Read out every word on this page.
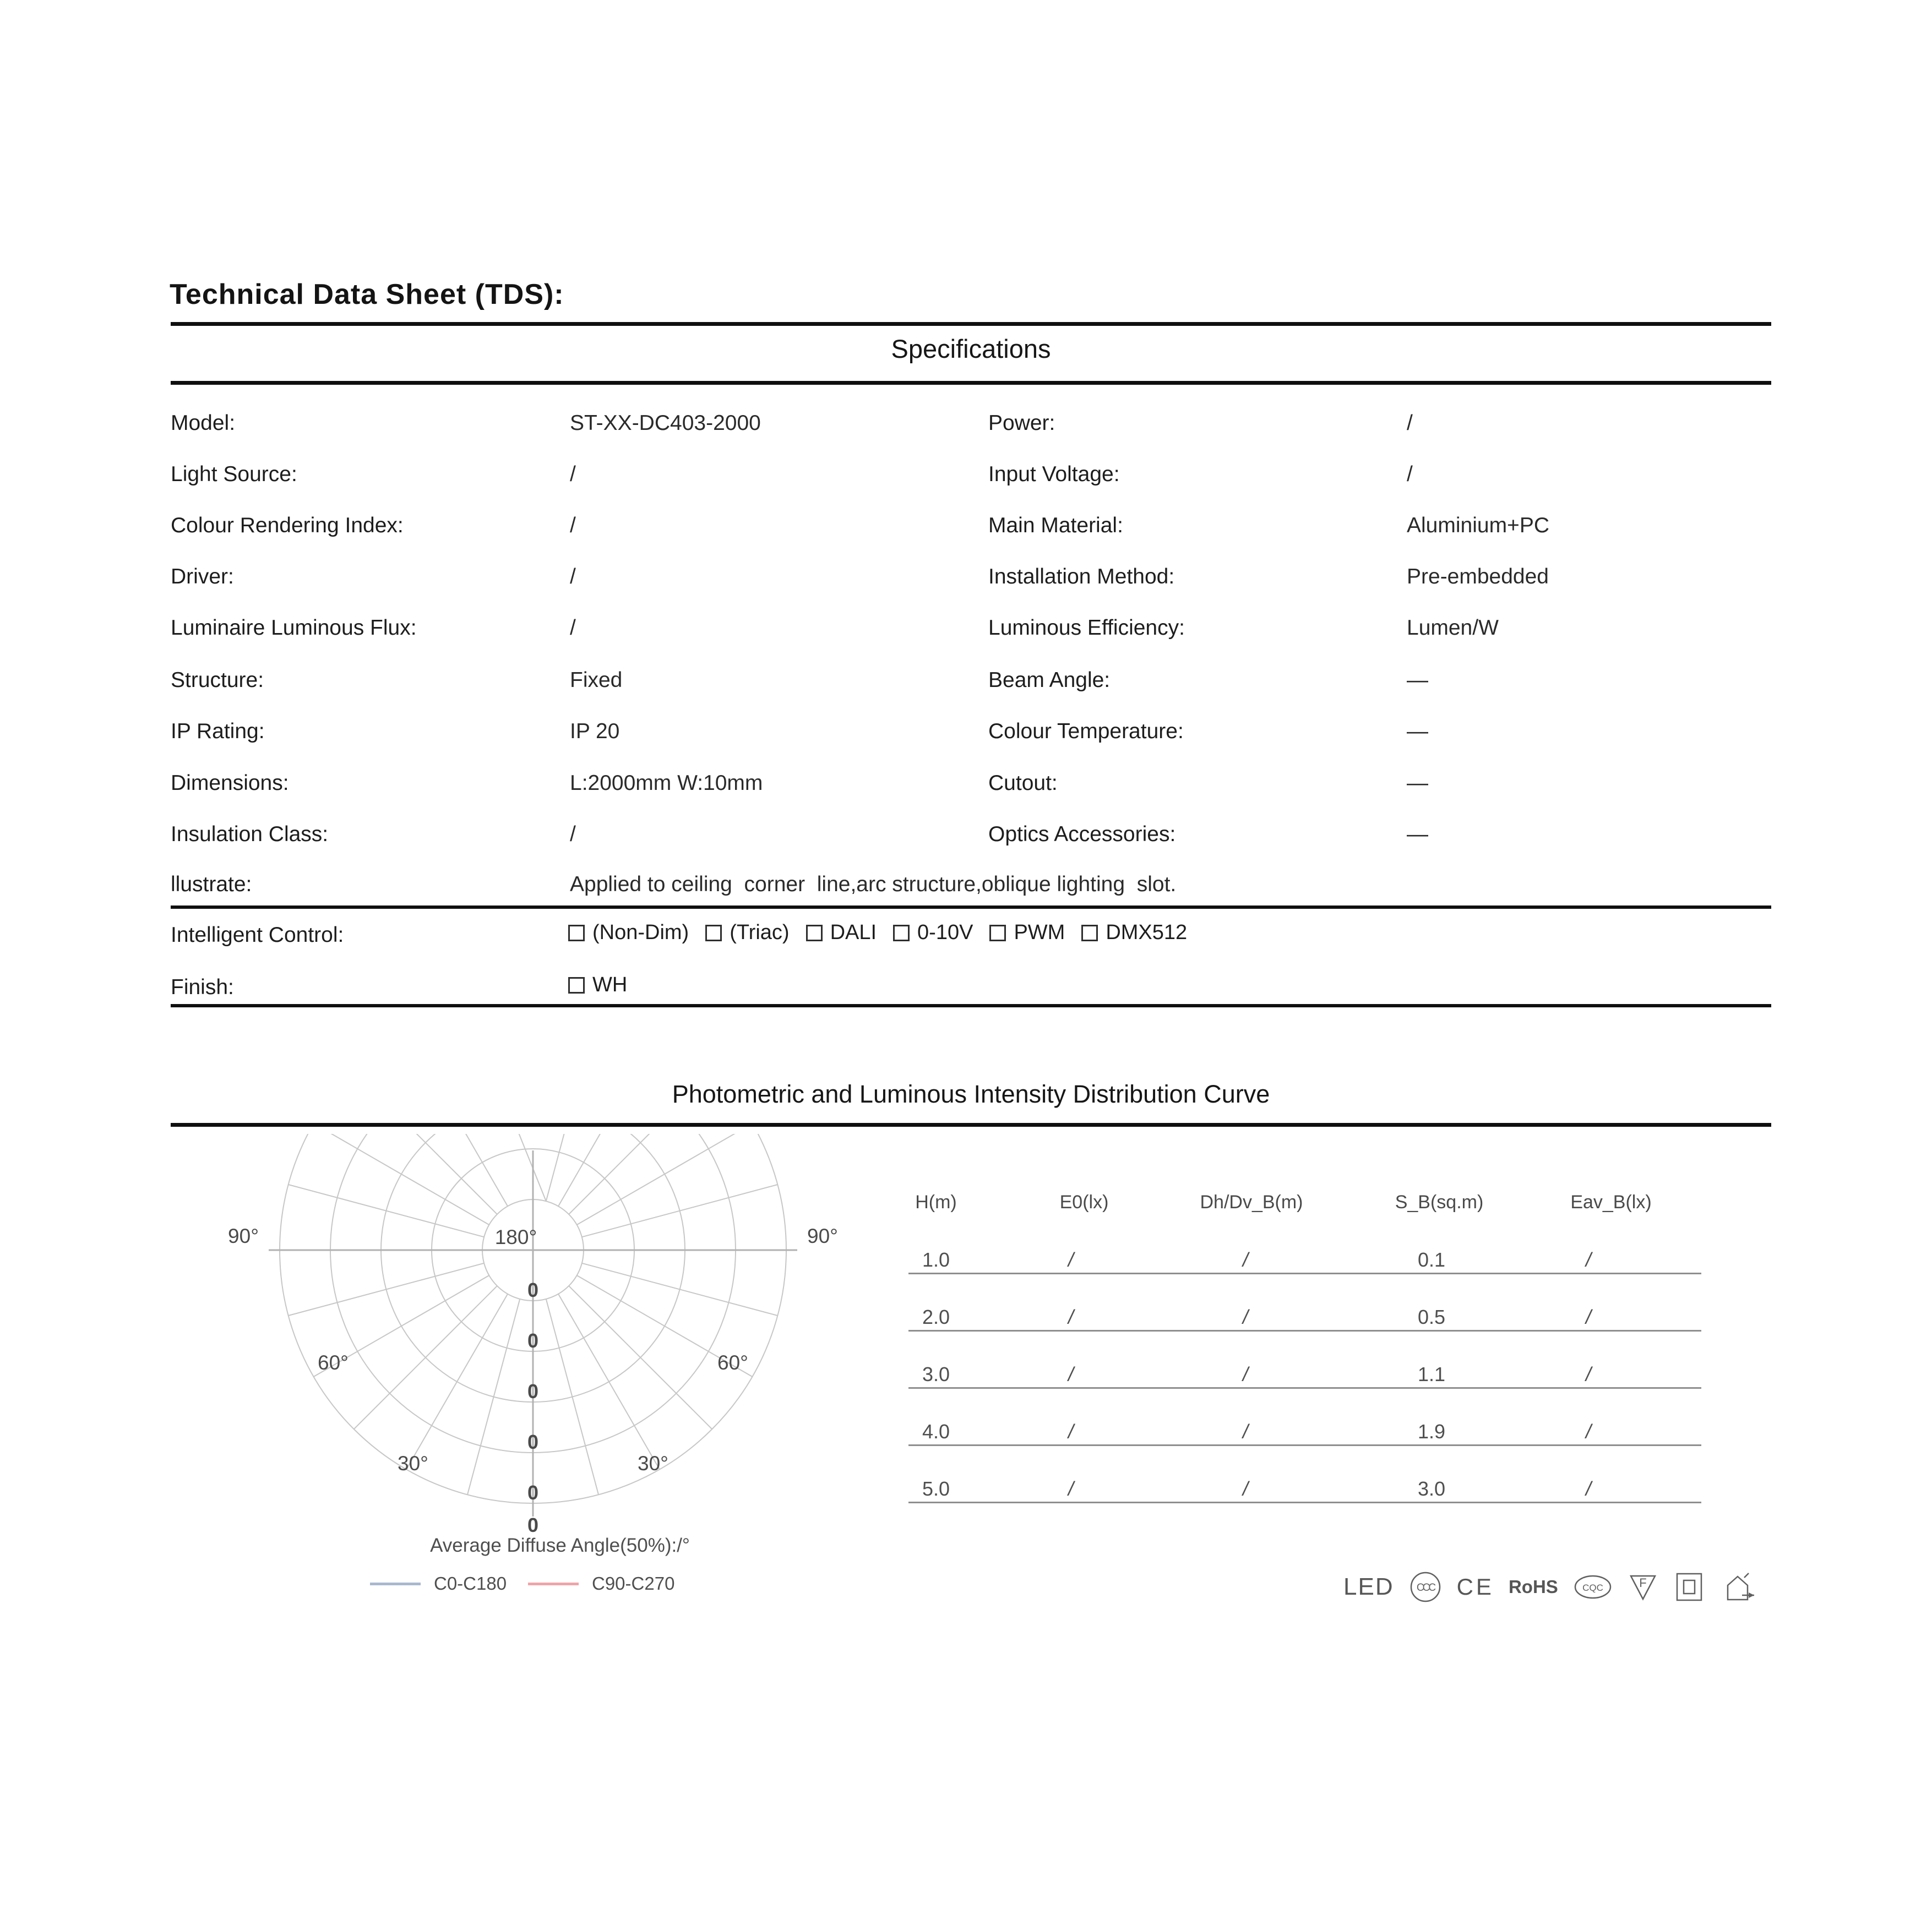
Technical Data Sheet (TDS):
Specifications
Model:	ST-XX-DC403-2000	Power:	/
Light Source:	/	Input Voltage:	/
Colour Rendering Index:	/	Main Material:	Aluminium+PC
Driver:	/	Installation Method:	Pre-embedded
Luminaire Luminous Flux:	/	Luminous Efficiency:	Lumen/W
Structure:	Fixed	Beam Angle:	—
IP Rating:	IP 20	Colour Temperature:	—
Dimensions:	L:2000mm W:10mm	Cutout:	—
Insulation Class:	/	Optics Accessories:	—
llustrate:	Applied to ceiling  corner  line,arc structure,oblique lighting  slot.
Intelligent Control:	(Non-Dim) (Triac) DALI 0-10V PWM DMX512
Finish:	WH
Photometric and Luminous Intensity Distribution Curve
180°
90°	90°
60°	60°
30°	30°
0
0
0
0
0
0
Average Diffuse Angle(50%):/°
C0-C180	C90-C270
H(m)	E0(lx)	Dh/Dv_B(m)	S_B(sq.m)	Eav_B(lx)
1.0	/	/	0.1	/
2.0	/	/	0.5	/
3.0	/	/	1.1	/
4.0	/	/	1.9	/
5.0	/	/	3.0	/
LED CCC CE RoHS	CQC	F
